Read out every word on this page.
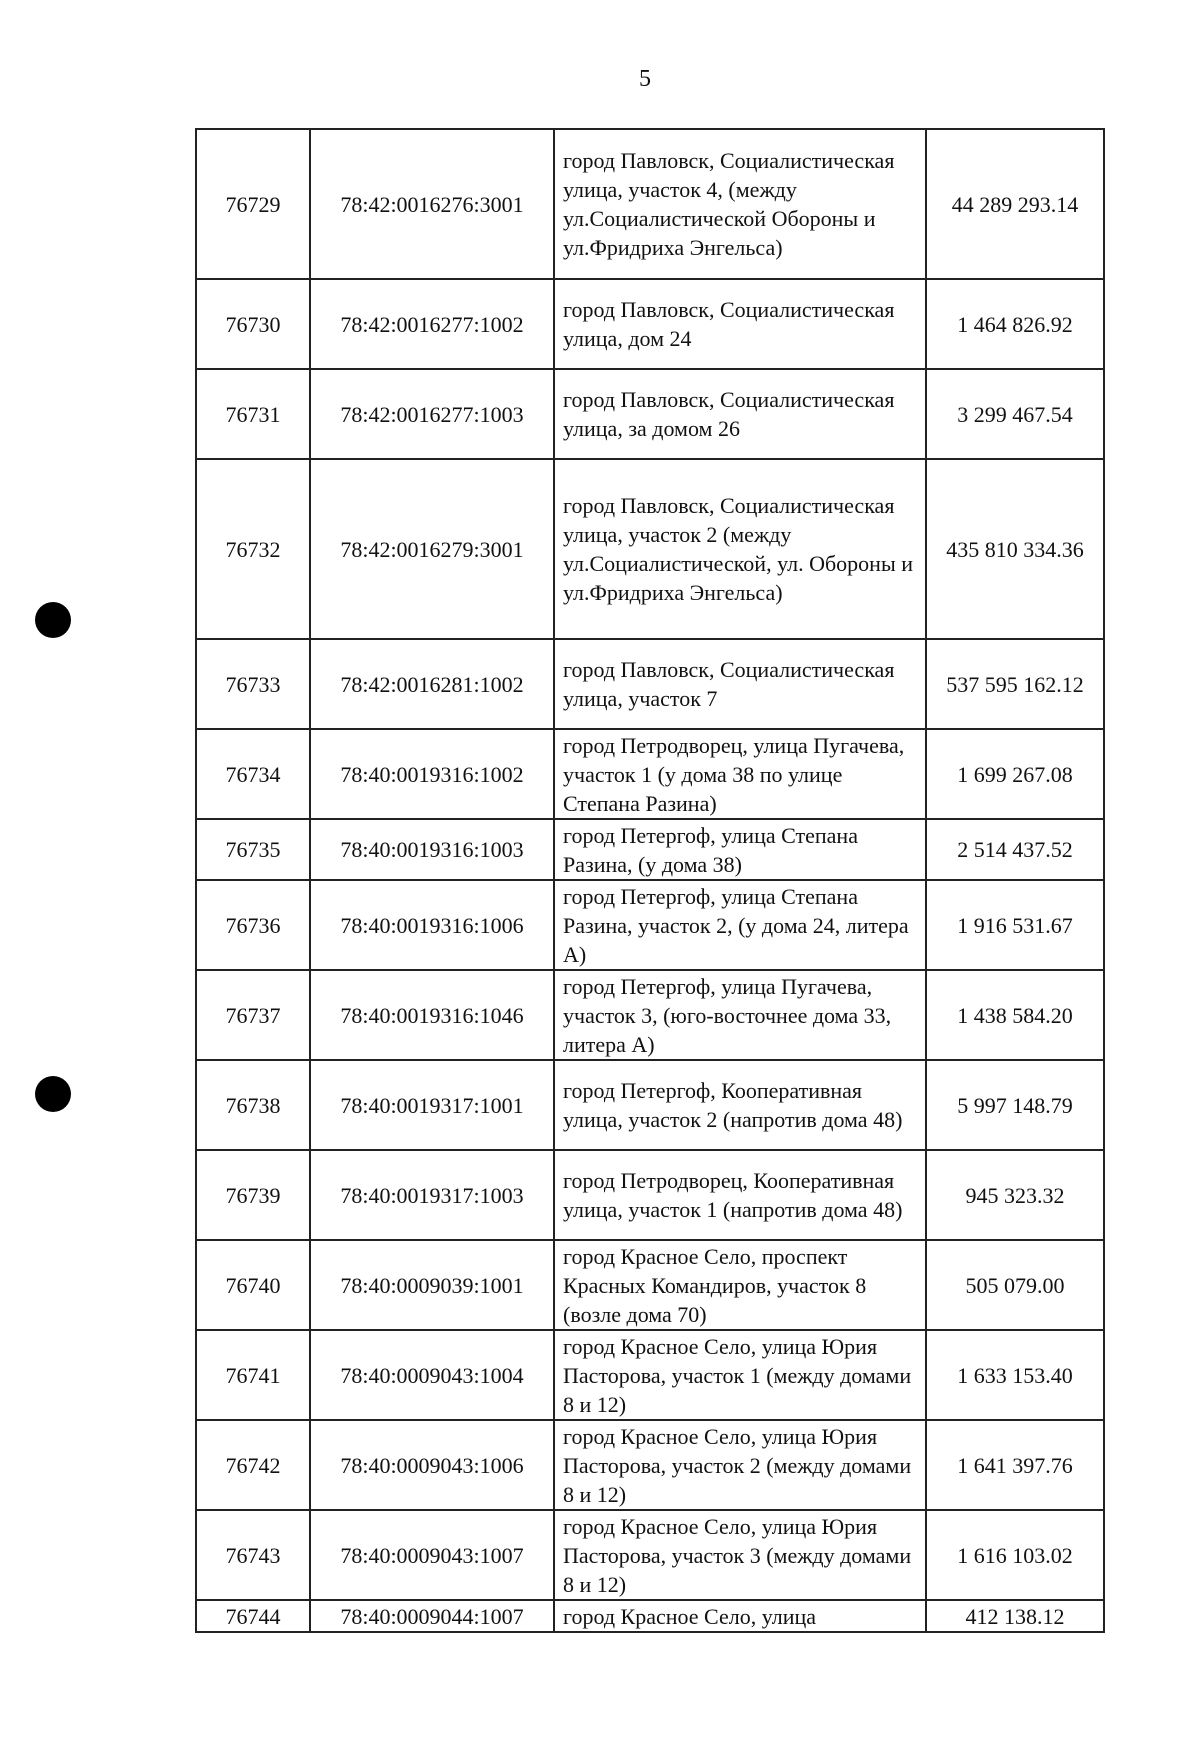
5
76729	78:42:0016276:3001	город Павловск, Социалистическая улица, участок 4, (между ул.Социалистической Обороны и ул.Фридриха Энгельса)	44 289 293.14
76730	78:42:0016277:1002	город Павловск, Социалистическая улица, дом 24	1 464 826.92
76731	78:42:0016277:1003	город Павловск, Социалистическая улица, за домом 26	3 299 467.54
76732	78:42:0016279:3001	город Павловск, Социалистическая улица, участок 2 (между ул.Социалистической, ул. Обороны и ул.Фридриха Энгельса)	435 810 334.36
76733	78:42:0016281:1002	город Павловск, Социалистическая улица, участок 7	537 595 162.12
76734	78:40:0019316:1002	город Петродворец, улица Пугачева, участок 1 (у дома 38 по улице Степана Разина)	1 699 267.08
76735	78:40:0019316:1003	город Петергоф, улица Степана Разина, (у дома 38)	2 514 437.52
76736	78:40:0019316:1006	город Петергоф, улица Степана Разина, участок 2, (у дома 24, литера А)	1 916 531.67
76737	78:40:0019316:1046	город Петергоф, улица Пугачева, участок 3, (юго-восточнее дома 33, литера А)	1 438 584.20
76738	78:40:0019317:1001	город Петергоф, Кооперативная улица, участок 2 (напротив дома 48)	5 997 148.79
76739	78:40:0019317:1003	город Петродворец, Кооперативная улица, участок 1 (напротив дома 48)	945 323.32
76740	78:40:0009039:1001	город Красное Село, проспект Красных Командиров, участок 8 (возле дома 70)	505 079.00
76741	78:40:0009043:1004	город Красное Село, улица Юрия Пасторова, участок 1 (между домами 8 и 12)	1 633 153.40
76742	78:40:0009043:1006	город Красное Село, улица Юрия Пасторова, участок 2 (между домами 8 и 12)	1 641 397.76
76743	78:40:0009043:1007	город Красное Село, улица Юрия Пасторова, участок 3 (между домами 8 и 12)	1 616 103.02
76744	78:40:0009044:1007	город Красное Село, улица	412 138.12
